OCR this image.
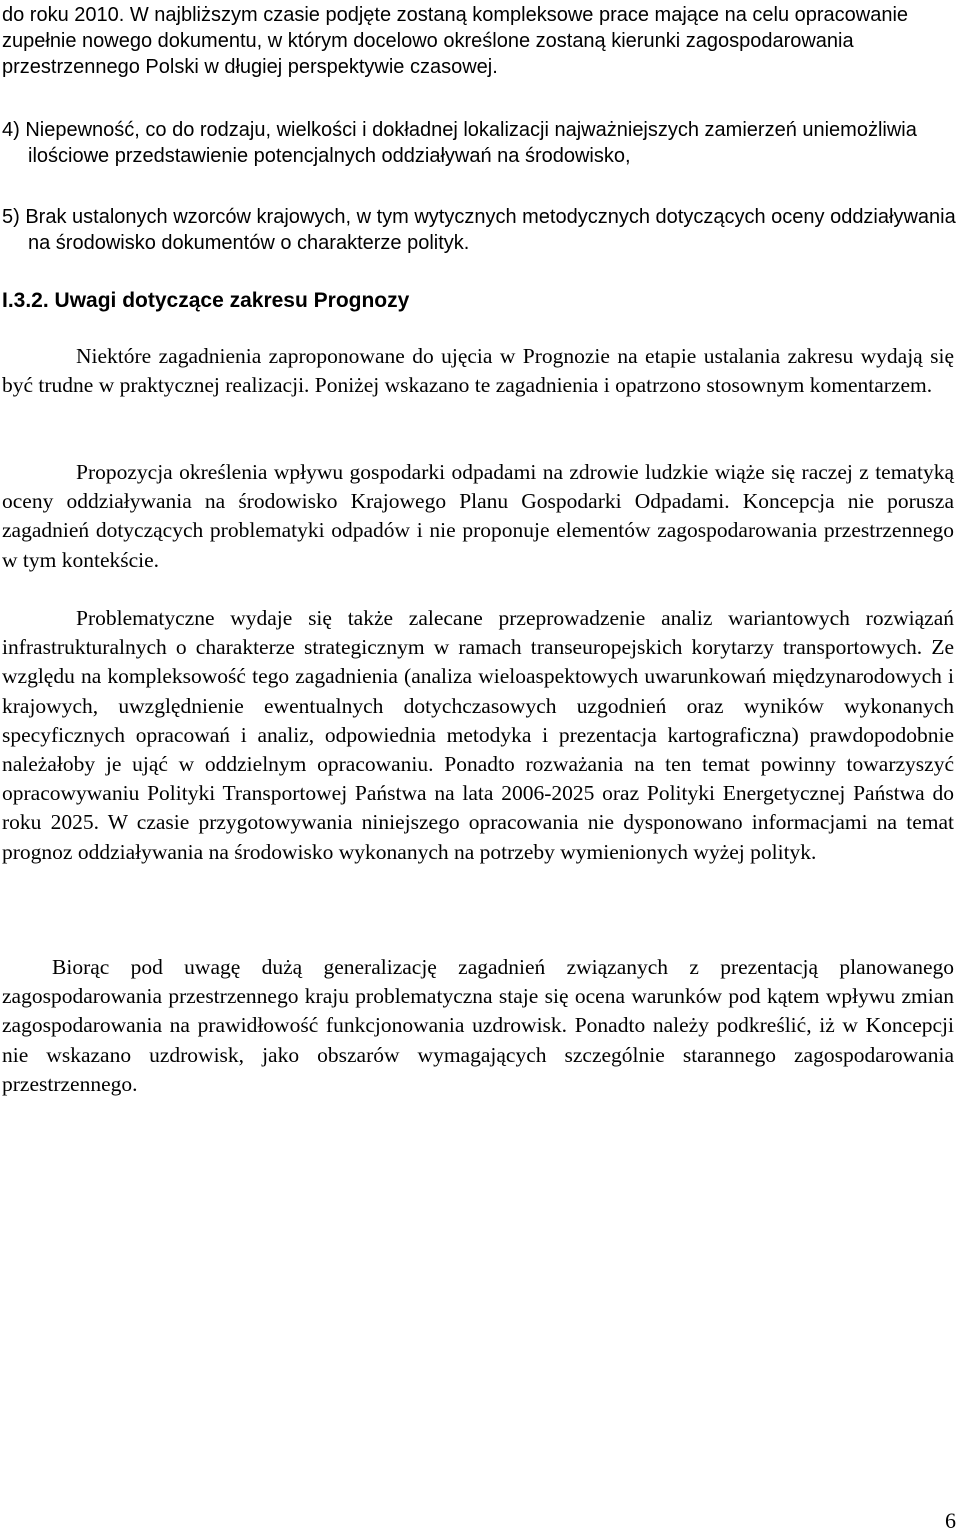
do roku 2010. W najbliższym czasie podjęte zostaną kompleksowe prace mające na celu opracowanie zupełnie nowego dokumentu, w którym docelowo określone zostaną kierunki zagospodarowania przestrzennego Polski w długiej perspektywie czasowej.

4) Niepewność, co do rodzaju, wielkości i dokładnej lokalizacji najważniejszych zamierzeń uniemożliwia ilościowe przedstawienie potencjalnych oddziaływań na środowisko,

5) Brak ustalonych wzorców krajowych, w tym wytycznych metodycznych dotyczących oceny oddziaływania na środowisko dokumentów o charakterze polityk.

I.3.2. Uwagi dotyczące zakresu Prognozy

Niektóre zagadnienia zaproponowane do ujęcia w Prognozie na etapie ustalania zakresu wydają się być trudne w praktycznej realizacji. Poniżej wskazano te zagadnienia i opatrzono stosownym komentarzem.

Propozycja określenia wpływu gospodarki odpadami na zdrowie ludzkie wiąże się raczej z tematyką oceny oddziaływania na środowisko Krajowego Planu Gospodarki Odpadami. Koncepcja nie porusza zagadnień dotyczących problematyki odpadów i nie proponuje elementów zagospodarowania przestrzennego w tym kontekście.

Problematyczne wydaje się także zalecane przeprowadzenie analiz wariantowych rozwiązań infrastrukturalnych o charakterze strategicznym w ramach transeuropejskich korytarzy transportowych. Ze względu na kompleksowość tego zagadnienia (analiza wieloaspektowych uwarunkowań międzynarodowych i krajowych, uwzględnienie ewentualnych dotychczasowych uzgodnień oraz wyników wykonanych specyficznych opracowań i analiz, odpowiednia metodyka i prezentacja kartograficzna) prawdopodobnie należałoby je ująć w oddzielnym opracowaniu. Ponadto rozważania na ten temat powinny towarzyszyć opracowywaniu Polityki Transportowej Państwa na lata 2006-2025 oraz Polityki Energetycznej Państwa do roku 2025. W czasie przygotowywania niniejszego opracowania nie dysponowano informacjami na temat prognoz oddziaływania na środowisko wykonanych na potrzeby wymienionych wyżej polityk.

Biorąc pod uwagę dużą generalizację zagadnień związanych z prezentacją planowanego zagospodarowania przestrzennego kraju problematyczna staje się ocena warunków pod kątem wpływu zmian zagospodarowania na prawidłowość funkcjonowania uzdrowisk. Ponadto należy podkreślić, iż w Koncepcji nie wskazano uzdrowisk, jako obszarów wymagających szczególnie starannego zagospodarowania przestrzennego.

6
